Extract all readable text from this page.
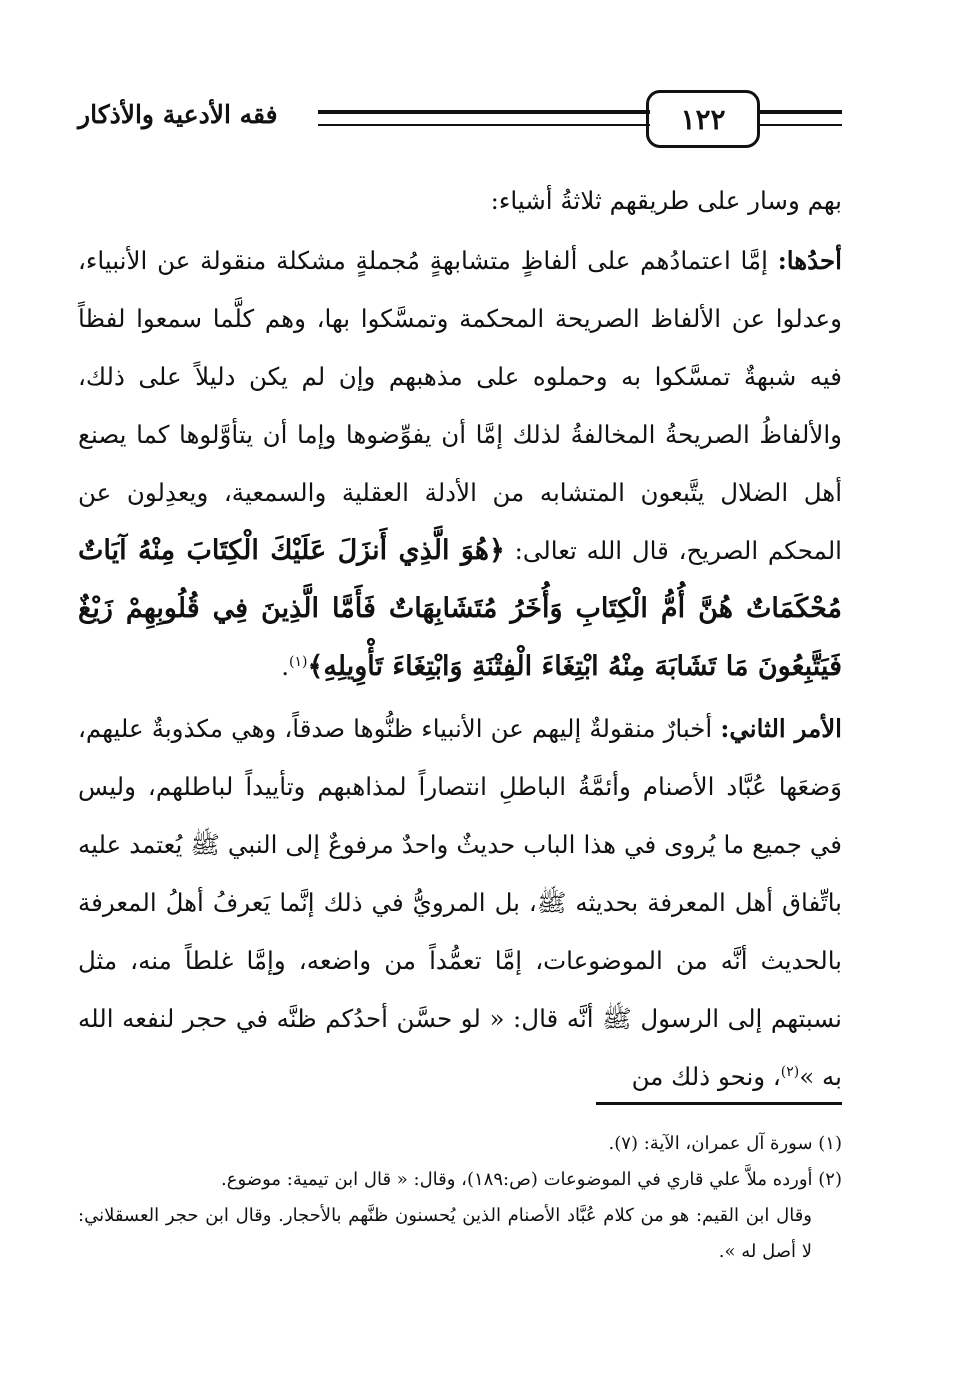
١٢٢
فقه الأدعية والأذكار

بهم وسار على طريقهم ثلاثةُ أشياء:

أحدُها: إمَّا اعتمادُهم على ألفاظٍ متشابهةٍ مُجملةٍ مشكلة منقولة عن الأنبياء، وعدلوا عن الألفاظ الصريحة المحكمة وتمسَّكوا بها، وهم كلَّما سمعوا لفظاً فيه شبهةٌ تمسَّكوا به وحملوه على مذهبهم وإن لم يكن دليلاً على ذلك، والألفاظُ الصريحةُ المخالفةُ لذلك إمَّا أن يفوِّضوها وإما أن يتأوَّلوها كما يصنع أهل الضلال يتَّبعون المتشابه من الأدلة العقلية والسمعية، ويعدِلون عن المحكم الصريح، قال الله تعالى: ﴿هُوَ الَّذِي أَنزَلَ عَلَيْكَ الْكِتَابَ مِنْهُ آيَاتٌ مُحْكَمَاتٌ هُنَّ أُمُّ الْكِتَابِ وَأُخَرُ مُتَشَابِهَاتٌ فَأَمَّا الَّذِينَ فِي قُلُوبِهِمْ زَيْغٌ فَيَتَّبِعُونَ مَا تَشَابَهَ مِنْهُ ابْتِغَاءَ الْفِتْنَةِ وَابْتِغَاءَ تَأْوِيلِهِ﴾$^{(١)}$.

الأمر الثاني: أخبارٌ منقولةٌ إليهم عن الأنبياء ظنُّوها صدقاً، وهي مكذوبةٌ عليهم، وَضعَها عُبَّاد الأصنام وأئمَّةُ الباطلِ انتصاراً لمذاهبهم وتأييداً لباطلهم، وليس في جميع ما يُروى في هذا الباب حديثٌ واحدٌ مرفوعٌ إلى النبي ﷺ يُعتمد عليه باتِّفاق أهل المعرفة بحديثه ﷺ، بل المرويُّ في ذلك إنَّما يَعرفُ أهلُ المعرفة بالحديث أنَّه من الموضوعات، إمَّا تعمُّداً من واضعه، وإمَّا غلطاً منه، مثل نسبتهم إلى الرسول ﷺ أنَّه قال: « لو حسَّن أحدُكم ظنَّه في حجر لنفعه الله به »$^{(٢)}$، ونحو ذلك من

(١) سورة آل عمران، الآية: (٧).

(٢) أورده ملاَّ علي قاري في الموضوعات (ص:١٨٩)، وقال: « قال ابن تيمية: موضوع.

وقال ابن القيم: هو من كلام عُبَّاد الأصنام الذين يُحسنون ظنَّهم بالأحجار. وقال ابن حجر العسقلاني: لا أصل له ».
